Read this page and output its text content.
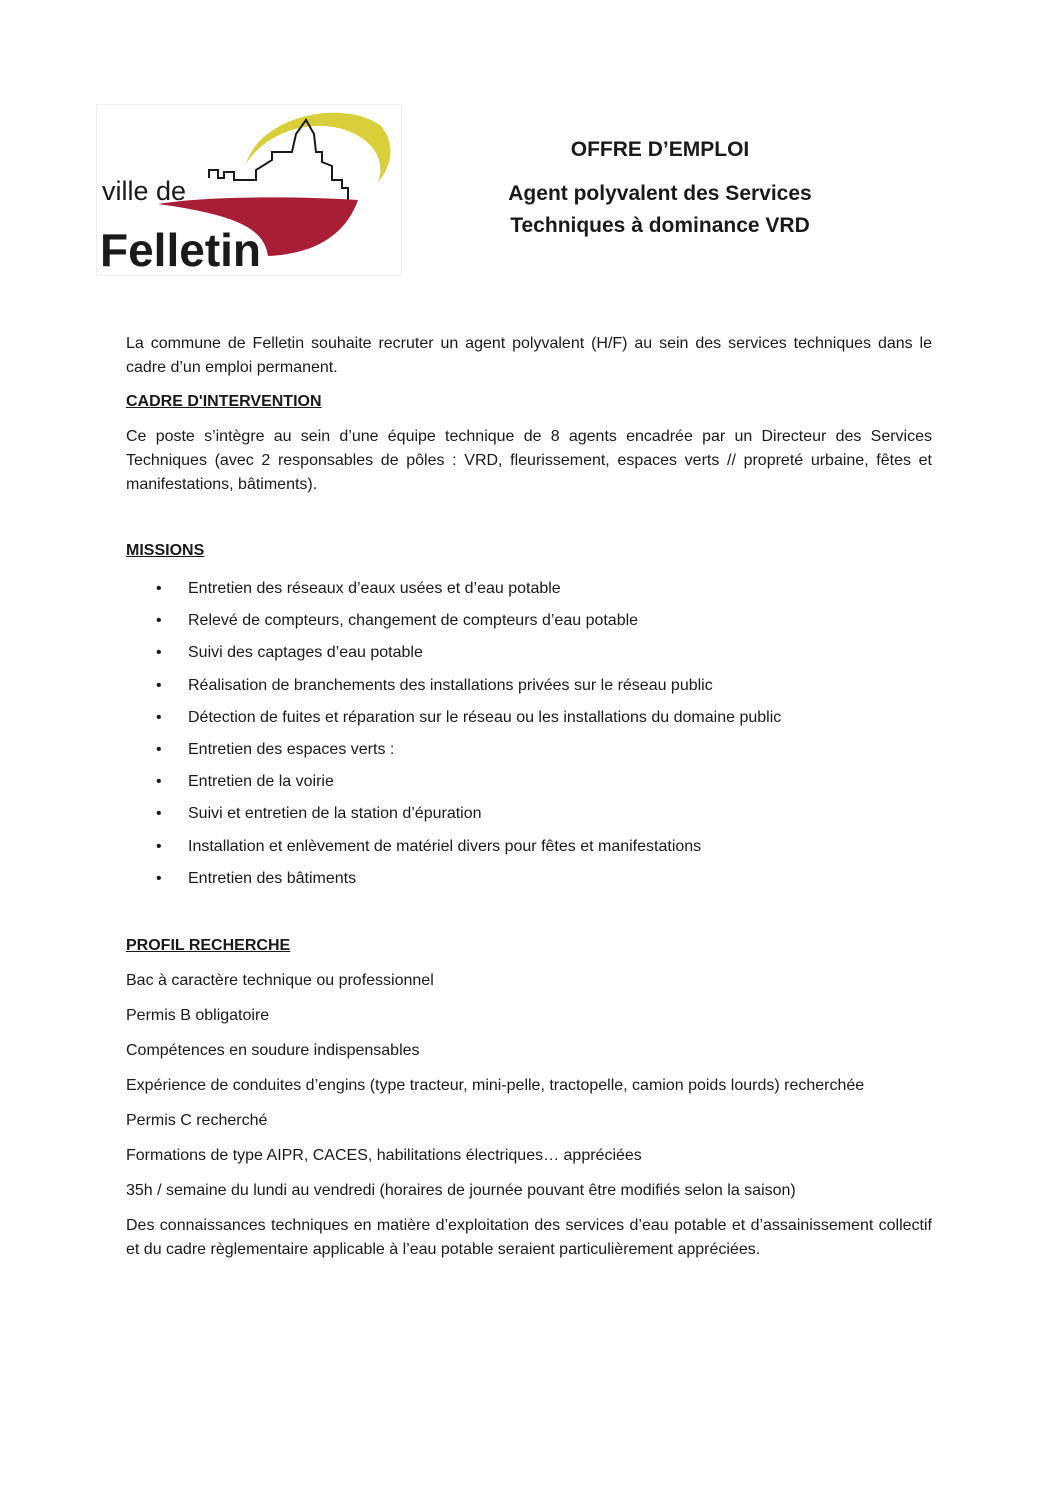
ville de
Felletin

OFFRE D’EMPLOI

Agent polyvalent des Services

Techniques à dominance VRD

La commune de Felletin souhaite recruter un agent polyvalent (H/F) au sein des services techniques dans le cadre d’un emploi permanent.

CADRE D'INTERVENTION

Ce poste s’intègre au sein d’une équipe technique de 8 agents encadrée par un Directeur des Services Techniques (avec 2 responsables de pôles : VRD, fleurissement, espaces verts // propreté urbaine, fêtes et manifestations, bâtiments).

MISSIONS

• Entretien des réseaux d’eaux usées et d’eau potable
• Relevé de compteurs, changement de compteurs d’eau potable
• Suivi des captages d’eau potable
• Réalisation de branchements des installations privées sur le réseau public
• Détection de fuites et réparation sur le réseau ou les installations du domaine public
• Entretien des espaces verts :
• Entretien de la voirie
• Suivi et entretien de la station d’épuration
• Installation et enlèvement de matériel divers pour fêtes et manifestations
• Entretien des bâtiments

PROFIL RECHERCHE

Bac à caractère technique ou professionnel

Permis B obligatoire

Compétences en soudure indispensables

Expérience de conduites d’engins (type tracteur, mini-pelle, tractopelle, camion poids lourds) recherchée

Permis C recherché

Formations de type AIPR, CACES, habilitations électriques… appréciées

35h / semaine du lundi au vendredi (horaires de journée pouvant être modifiés selon la saison)

Des connaissances techniques en matière d’exploitation des services d’eau potable et d’assainissement collectif et du cadre règlementaire applicable à l’eau potable seraient particulièrement appréciées.
